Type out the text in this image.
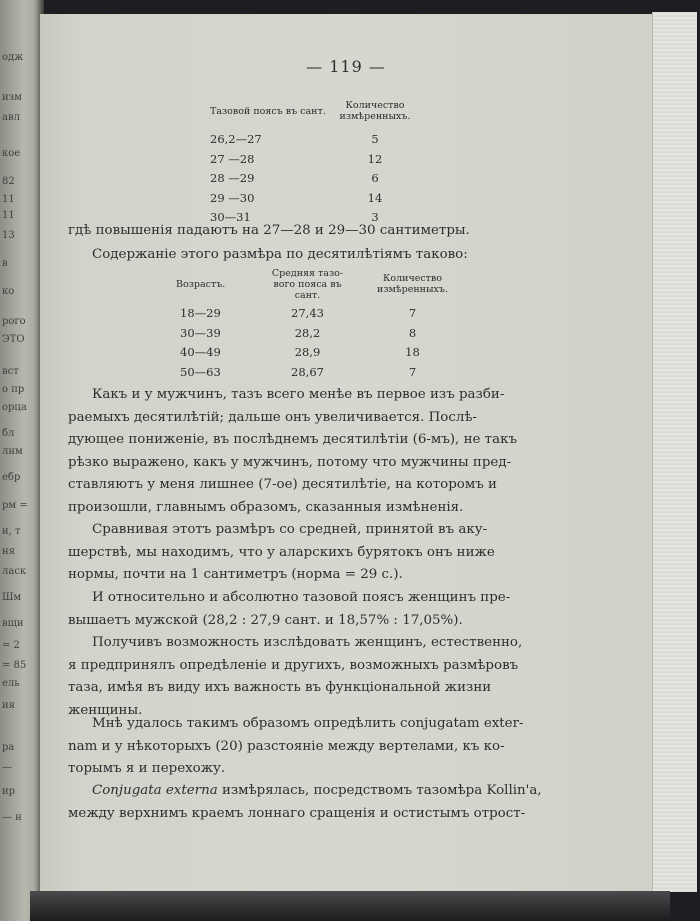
одж
изм
авл
кое
82
11
11
13
в
ко
рого
ЭТО
вст
о пр
орца
бл
лнм
ебр
рм =
и, т
ня
ласк
Шм
вщи
= 2
= 85
ель
ия
ра
—
ир
— н
— 119 —
Тазовой поясъ въ сант.	Количество измѣренныхъ.
26,2—27	5
27 —28	12
28 —29	6
29 —30	14
30—31	3

гдѣ повышенія падаютъ на 27—28 и 29—30 сантиметры.

Содержаніе этого размѣра по десятилѣтіямъ таково:

Возрастъ.	Средняя тазо- вого пояса въ сант.	Количество измѣренныхъ.
18—29	27,43	7
30—39	28,2	8
40—49	28,9	18
50—63	28,67	7

Какъ и у мужчинъ, тазъ всего менѣе въ первое изъ разби-
раемыхъ десятилѣтій; дальше онъ увеличивается. Послѣ-
дующее пониженіе, въ послѣднемъ десятилѣтіи (6-мъ), не такъ
рѣзко выражено, какъ у мужчинъ, потому что мужчины пред-
ставляютъ у меня лишнее (7-ое) десятилѣтіе, на которомъ и
произошли, главнымъ образомъ, сказанныя измѣненія.

Сравнивая этотъ размѣръ со средней, принятой въ аку-
шерствѣ, мы находимъ, что у аларскихъ бурятокъ онъ ниже
нормы, почти на 1 сантиметръ (норма = 29 с.).

И относительно и абсолютно тазовой поясъ женщинъ пре-
вышаетъ мужской (28,2 : 27,9 сант. и 18,57% : 17,05%).

Получивъ возможность изслѣдовать женщинъ, естественно,
я предпринялъ опредѣленіе и другихъ, возможныхъ размѣровъ
таза, имѣя въ виду ихъ важность въ функціональной жизни
женщины.

Мнѣ удалось такимъ образомъ опредѣлить conjugatam exter-
nam и у нѣкоторыхъ (20) разстояніе между вертелами, къ ко-
торымъ я и перехожу.

Conjugata externa измѣрялась, посредствомъ тазомѣра Kollin'a,
между верхнимъ краемъ лоннаго сращенія и остистымъ отрост-
